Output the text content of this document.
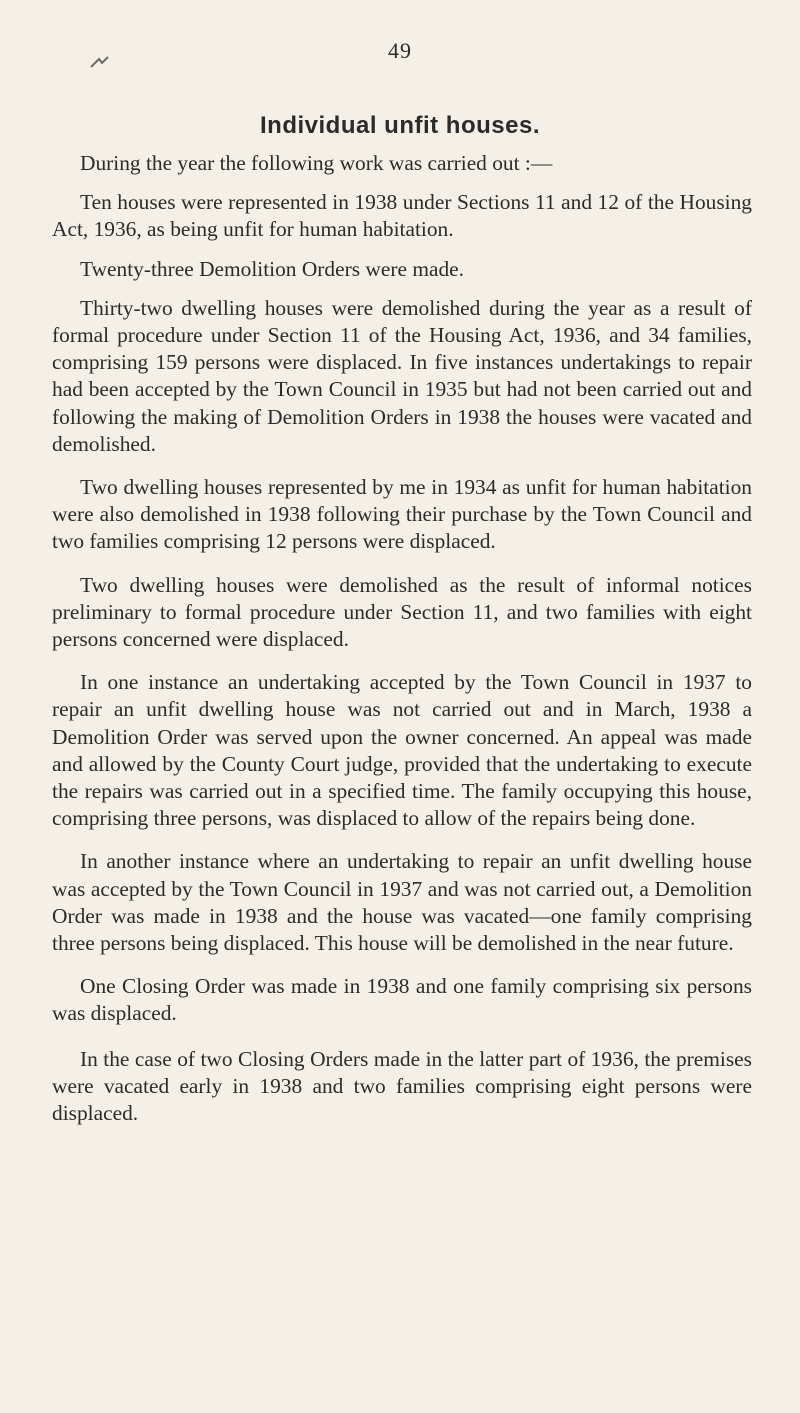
49
Individual unfit houses.

During the year the following work was carried out :—

Ten houses were represented in 1938 under Sections 11 and 12 of the Housing Act, 1936, as being unfit for human habitation.

Twenty-three Demolition Orders were made.

Thirty-two dwelling houses were demolished during the year as a result of formal procedure under Section 11 of the Housing Act, 1936, and 34 families, comprising 159 persons were displaced. In five instances undertakings to repair had been accepted by the Town Council in 1935 but had not been carried out and following the making of Demolition Orders in 1938 the houses were vacated and demolished.

Two dwelling houses represented by me in 1934 as unfit for human habitation were also demolished in 1938 following their purchase by the Town Council and two families comprising 12 persons were displaced.

Two dwelling houses were demolished as the result of informal notices preliminary to formal procedure under Section 11, and two families with eight persons concerned were displaced.

In one instance an undertaking accepted by the Town Council in 1937 to repair an unfit dwelling house was not carried out and in March, 1938 a Demolition Order was served upon the owner concerned. An appeal was made and allowed by the County Court judge, provided that the undertaking to execute the repairs was carried out in a specified time. The family occupying this house, comprising three persons, was displaced to allow of the repairs being done.

In another instance where an undertaking to repair an unfit dwelling house was accepted by the Town Council in 1937 and was not carried out, a Demolition Order was made in 1938 and the house was vacated—one family comprising three persons being displaced. This house will be demolished in the near future.

One Closing Order was made in 1938 and one family comprising six persons was displaced.

In the case of two Closing Orders made in the latter part of 1936, the premises were vacated early in 1938 and two families comprising eight persons were displaced.
